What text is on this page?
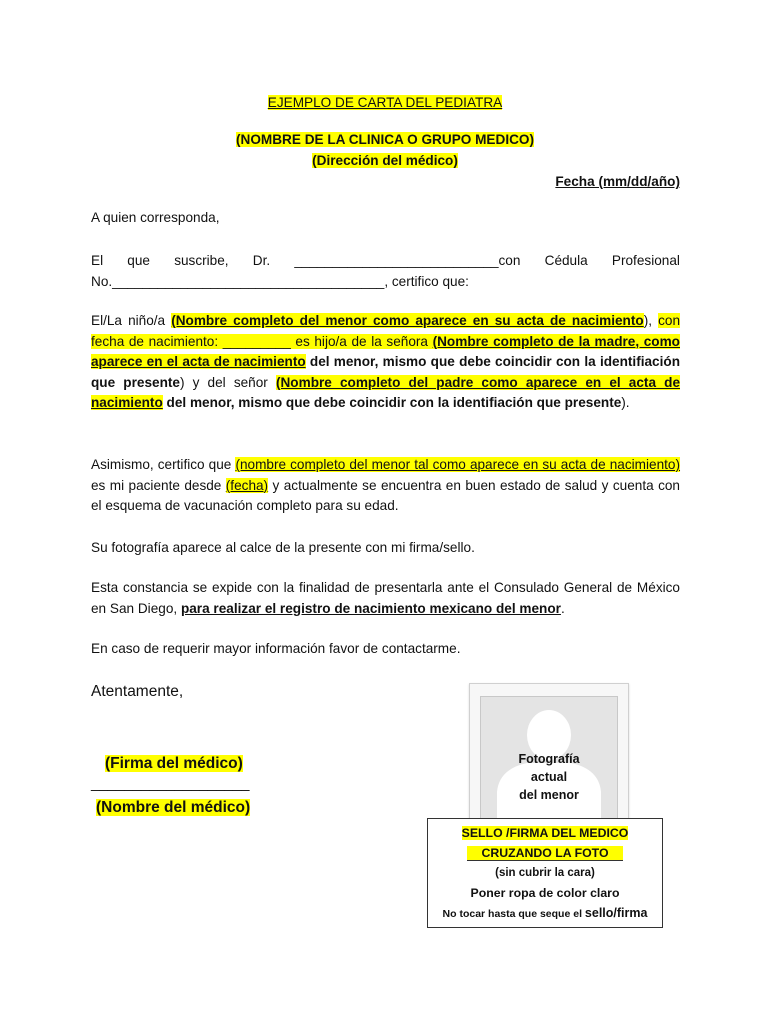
EJEMPLO DE CARTA DEL PEDIATRA
(NOMBRE DE LA CLINICA O GRUPO MEDICO)
(Dirección del médico)
Fecha (mm/dd/año)
A quien corresponda,
El que suscribe, Dr. ___________________________con Cédula Profesional
No.____________________________________, certifico que:
El/La niño/a (Nombre completo del menor como aparece en su acta de nacimiento), con fecha de nacimiento: _________ es hijo/a de la señora (Nombre completo de la madre, como aparece en el acta de nacimiento del menor, mismo que debe coincidir con la identifiación que presente) y del señor (Nombre completo del padre como aparece en el acta de nacimiento del menor, mismo que debe coincidir con la identifiación que presente).
Asimismo, certifico que (nombre completo del menor tal como aparece en su acta de nacimiento) es mi paciente desde (fecha) y actualmente se encuentra en buen estado de salud y cuenta con el esquema de vacunación completo para su edad.
Su fotografía aparece al calce de la presente con mi firma/sello.
Esta constancia se expide con la finalidad de presentarla ante el Consulado General de México en San Diego, para realizar el registro de nacimiento mexicano del menor.
En caso de requerir mayor información favor de contactarme.
Atentamente,
(Firma del médico)
___________________
(Nombre del médico)
Fotografía
actual
del menor
SELLO /FIRMA DEL MEDICO
CRUZANDO LA FOTO
(sin cubrir la cara)
Poner ropa de color claro
No tocar hasta que seque el sello/firma
